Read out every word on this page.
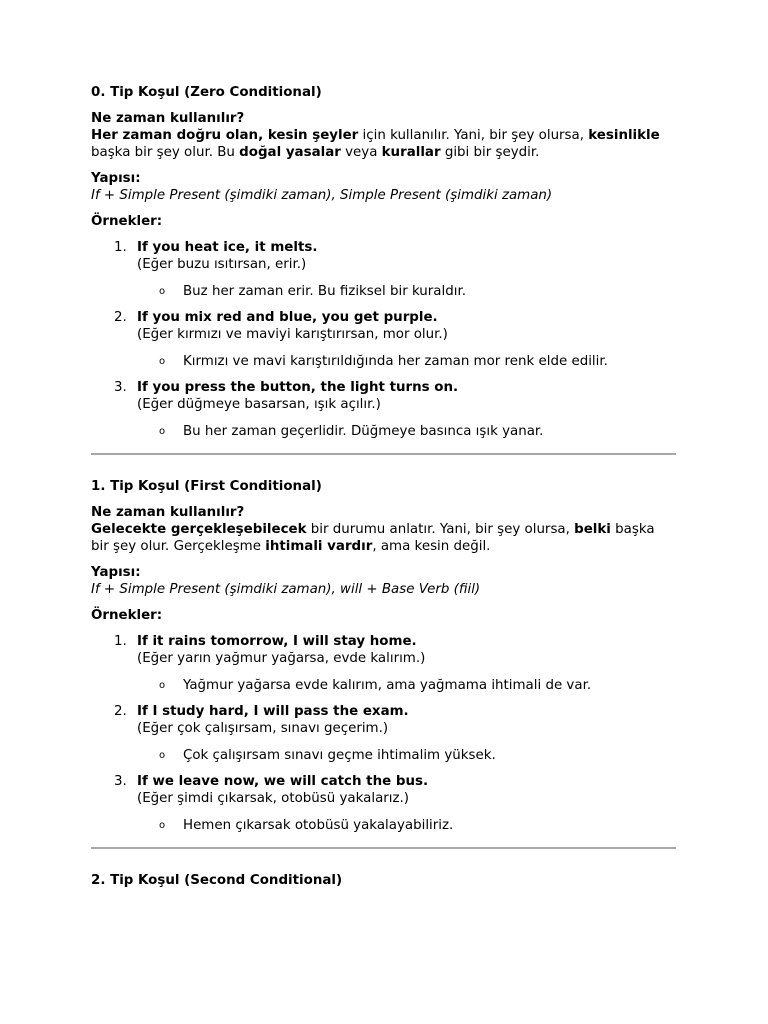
0. Tip Koşul (Zero Conditional)
Ne zaman kullanılır?

Her zaman doğru olan, kesin şeyler için kullanılır. Yani, bir şey olursa, kesinlikle başka bir şey olur. Bu doğal yasalar veya kurallar gibi bir şeydir.

Yapısı:
If + Simple Present (şimdiki zaman), Simple Present (şimdiki zaman)
Örnekler:
1. If you heat ice, it melts.
(Eğer buzu ısıtırsan, erir.)
o Buz her zaman erir. Bu fiziksel bir kuraldır.
2. If you mix red and blue, you get purple.
(Eğer kırmızı ve maviyi karıştırırsan, mor olur.)
o Kırmızı ve mavi karıştırıldığında her zaman mor renk elde edilir.
3. If you press the button, the light turns on.
(Eğer düğmeye basarsan, ışık açılır.)
o Bu her zaman geçerlidir. Düğmeye basınca ışık yanar.
1. Tip Koşul (First Conditional)
Ne zaman kullanılır?

Gelecekte gerçekleşebilecek bir durumu anlatır. Yani, bir şey olursa, belki başka bir şey olur. Gerçekleşme ihtimali vardır, ama kesin değil.

Yapısı:
If + Simple Present (şimdiki zaman), will + Base Verb (fiil)
Örnekler:
1. If it rains tomorrow, I will stay home.
(Eğer yarın yağmur yağarsa, evde kalırım.)
o Yağmur yağarsa evde kalırım, ama yağmama ihtimali de var.
2. If I study hard, I will pass the exam.
(Eğer çok çalışırsam, sınavı geçerim.)
o Çok çalışırsam sınavı geçme ihtimalim yüksek.
3. If we leave now, we will catch the bus.
(Eğer şimdi çıkarsak, otobüsü yakalarız.)
o Hemen çıkarsak otobüsü yakalayabiliriz.
2. Tip Koşul (Second Conditional)
